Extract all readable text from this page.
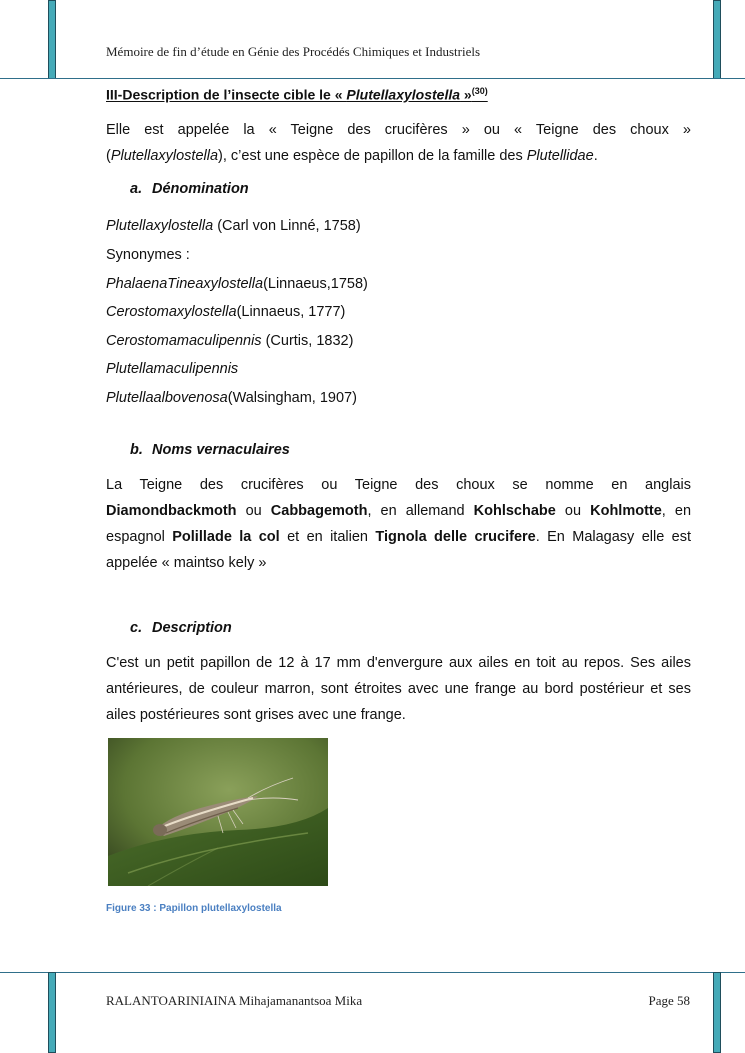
Mémoire de fin d’étude en Génie des Procédés Chimiques et Industriels
III-Description de l’insecte cible le « Plutellaxylostella »$^{(30)}$
Elle est appelée la « Teigne des crucifères » ou « Teigne des choux »
(Plutellaxylostella), c’est une espèce de papillon de la famille des Plutellidae.
a. Dénomination
Plutellaxylostella (Carl von Linné, 1758)
Synonymes :
PhalaenaTineaxylostella(Linnaeus,1758)
Cerostomaxylostella(Linnaeus, 1777)
Cerostomamaculipennis (Curtis, 1832)
Plutellamaculipennis
Plutellaalbovenosa(Walsingham, 1907)
b. Noms vernaculaires
La Teigne des crucifères ou Teigne des choux se nomme en anglais
Diamondbackmoth ou Cabbagemoth, en allemand Kohlschabe ou Kohlmotte, en
espagnol Polillade la col et en italien Tignola delle crucifere. En Malagasy elle est
appelée « maintso kely »
c. Description
C'est un petit papillon de 12 à 17 mm d'envergure aux ailes en toit au repos. Ses ailes
antérieures, de couleur marron, sont étroites avec une frange au bord postérieur et ses
ailes postérieures sont grises avec une frange.
Figure 33 : Papillon plutellaxylostella
RALANTOARINIAINA Mihajamanantsoa Mika	Page 58
